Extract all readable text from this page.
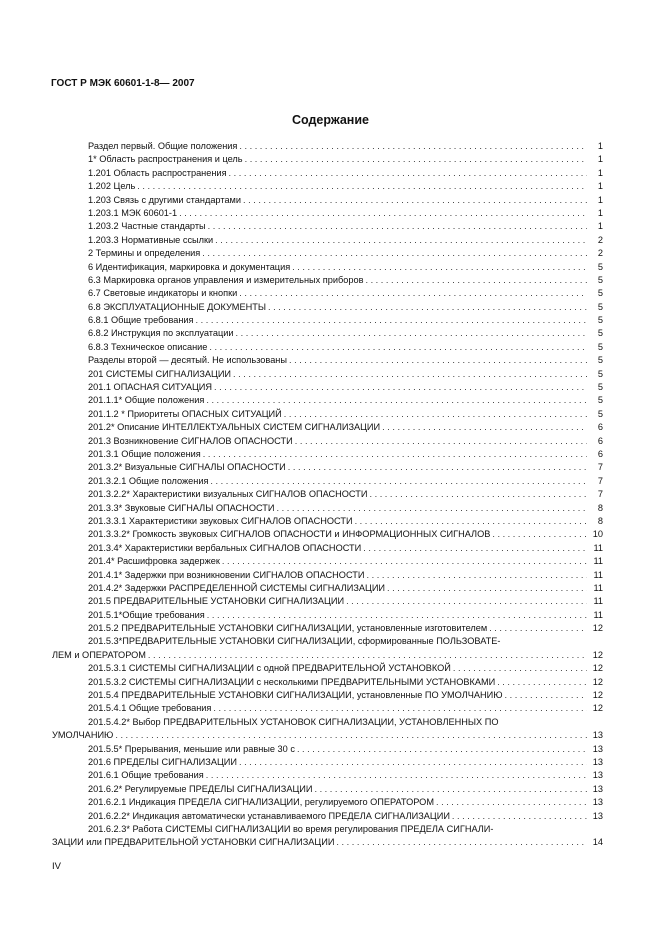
ГОСТ Р МЭК 60601-1-8— 2007
Содержание
Раздел первый. Общие положения . . .	1
1* Область распространения и цель . . .	1
1.201 Область распространения . . .	1
1.202 Цель . . .	1
1.203 Связь с другими стандартами . . .	1
1.203.1 МЭК 60601-1 . . .	1
1.203.2 Частные стандарты . . .	1
1.203.3 Нормативные ссылки . . .	2
2 Термины и определения . . .	2
6 Идентификация, маркировка и документация . . .	5
6.3 Маркировка органов управления и измерительных приборов . . .	5
6.7 Световые индикаторы и кнопки . . .	5
6.8 ЭКСПЛУАТАЦИОННЫЕ ДОКУМЕНТЫ . . .	5
6.8.1 Общие требования . . .	5
6.8.2 Инструкция по эксплуатации . . .	5
6.8.3 Техническое описание . . .	5
Разделы второй — десятый. Не использованы . . .	5
201 СИСТЕМЫ СИГНАЛИЗАЦИИ . . .	5
201.1 ОПАСНАЯ СИТУАЦИЯ . . .	5
201.1.1* Общие положения . . .	5
201.1.2 * Приоритеты ОПАСНЫХ СИТУАЦИЙ . . .	5
201.2* Описание ИНТЕЛЛЕКТУАЛЬНЫХ СИСТЕМ СИГНАЛИЗАЦИИ . . .	6
201.3 Возникновение СИГНАЛОВ ОПАСНОСТИ . . .	6
201.3.1 Общие положения . . .	6
201.3.2* Визуальные СИГНАЛЫ ОПАСНОСТИ . . .	7
201.3.2.1 Общие положения . . .	7
201.3.2.2* Характеристики визуальных СИГНАЛОВ ОПАСНОСТИ . . .	7
201.3.3* Звуковые СИГНАЛЫ ОПАСНОСТИ . . .	8
201.3.3.1 Характеристики звуковых СИГНАЛОВ ОПАСНОСТИ . . .	8
201.3.3.2* Громкость звуковых СИГНАЛОВ ОПАСНОСТИ и ИНФОРМАЦИОННЫХ СИГНАЛОВ . . .	10
201.3.4* Характеристики вербальных СИГНАЛОВ ОПАСНОСТИ . . .	11
201.4* Расшифровка задержек . . .	11
201.4.1* Задержки при возникновении СИГНАЛОВ ОПАСНОСТИ . . .	11
201.4.2* Задержки РАСПРЕДЕЛЕННОЙ СИСТЕМЫ СИГНАЛИЗАЦИИ . . .	11
201.5 ПРЕДВАРИТЕЛЬНЫЕ УСТАНОВКИ СИГНАЛИЗАЦИИ . . .	11
201.5.1*Общие требования . . .	11
201.5.2 ПРЕДВАРИТЕЛЬНЫЕ УСТАНОВКИ СИГНАЛИЗАЦИИ, установленные изготовителем . . .	12
201.5.3*ПРЕДВАРИТЕЛЬНЫЕ УСТАНОВКИ СИГНАЛИЗАЦИИ, сформированные ПОЛЬЗОВАТЕ-
ЛЕМ и ОПЕРАТОРОМ . . .	12
201.5.3.1 СИСТЕМЫ СИГНАЛИЗАЦИИ с одной ПРЕДВАРИТЕЛЬНОЙ УСТАНОВКОЙ . . .	12
201.5.3.2 СИСТЕМЫ СИГНАЛИЗАЦИИ с несколькими ПРЕДВАРИТЕЛЬНЫМИ УСТАНОВКАМИ . . .	12
201.5.4 ПРЕДВАРИТЕЛЬНЫЕ УСТАНОВКИ СИГНАЛИЗАЦИИ, установленные ПО УМОЛЧАНИЮ . . .	12
201.5.4.1 Общие требования . . .	12
201.5.4.2* Выбор ПРЕДВАРИТЕЛЬНЫХ УСТАНОВОК СИГНАЛИЗАЦИИ, УСТАНОВЛЕННЫХ ПО
УМОЛЧАНИЮ . . .	13
201.5.5* Прерывания, меньшие или равные 30 с . . .	13
201.6 ПРЕДЕЛЫ СИГНАЛИЗАЦИИ . . .	13
201.6.1 Общие требования . . .	13
201.6.2* Регулируемые ПРЕДЕЛЫ СИГНАЛИЗАЦИИ . . .	13
201.6.2.1 Индикация ПРЕДЕЛА СИГНАЛИЗАЦИИ, регулируемого ОПЕРАТОРОМ . . .	13
201.6.2.2* Индикация автоматически устанавливаемого ПРЕДЕЛА СИГНАЛИЗАЦИИ . . .	13
201.6.2.3* Работа СИСТЕМЫ СИГНАЛИЗАЦИИ во время регулирования ПРЕДЕЛА СИГНАЛИ-
ЗАЦИИ или ПРЕДВАРИТЕЛЬНОЙ УСТАНОВКИ СИГНАЛИЗАЦИИ . . .	14
IV
